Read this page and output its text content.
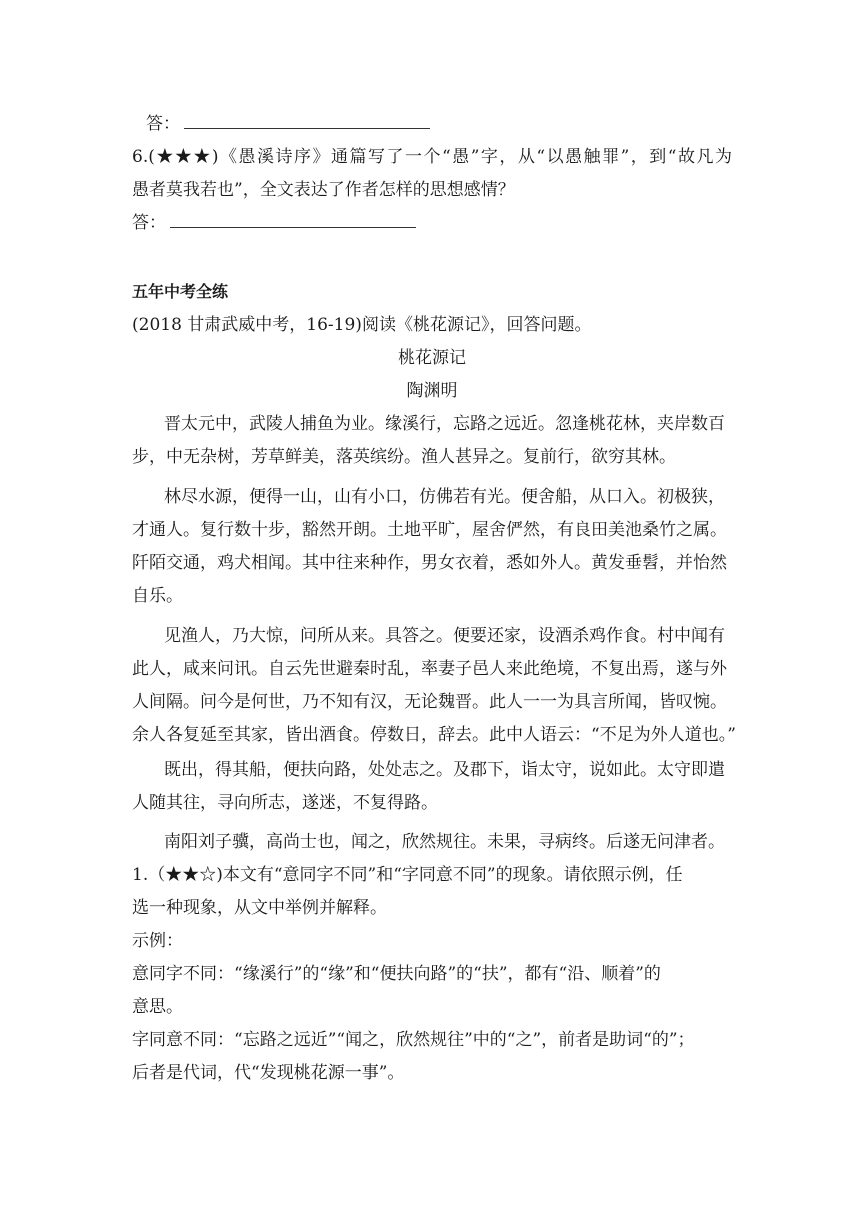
答：
6.(★★★)《愚溪诗序》通篇写了一个“愚”字，从“以愚触罪”，到“故凡为
愚者莫我若也”，全文表达了作者怎样的思想感情？
答：
五年中考全练
(2018 甘肃武威中考，16-19)阅读《桃花源记》，回答问题。
桃花源记
陶渊明
晋太元中，武陵人捕鱼为业。缘溪行，忘路之远近。忽逢桃花林，夹岸数百
步，中无杂树，芳草鲜美，落英缤纷。渔人甚异之。复前行，欲穷其林。
林尽水源，便得一山，山有小口，仿佛若有光。便舍船，从口入。初极狭，
才通人。复行数十步，豁然开朗。土地平旷，屋舍俨然，有良田美池桑竹之属。
阡陌交通，鸡犬相闻。其中往来种作，男女衣着，悉如外人。黄发垂髫，并怡然
自乐。
见渔人，乃大惊，问所从来。具答之。便要还家，设酒杀鸡作食。村中闻有
此人，咸来问讯。自云先世避秦时乱，率妻子邑人来此绝境，不复出焉，遂与外
人间隔。问今是何世，乃不知有汉，无论魏晋。此人一一为具言所闻，皆叹惋。
余人各复延至其家，皆出酒食。停数日，辞去。此中人语云：“不足为外人道也。”
既出，得其船，便扶向路，处处志之。及郡下，诣太守，说如此。太守即遣
人随其往，寻向所志，遂迷，不复得路。
南阳刘子骥，高尚士也，闻之，欣然规往。未果，寻病终。后遂无问津者。
1.（★★☆)本文有“意同字不同”和“字同意不同”的现象。请依照示例，任
选一种现象，从文中举例并解释。
示例：
意同字不同：“缘溪行”的“缘”和“便扶向路”的“扶”，都有“沿、顺着”的
意思。
字同意不同：“忘路之远近”“闻之，欣然规往”中的“之”，前者是助词“的”；
后者是代词，代“发现桃花源一事”。
